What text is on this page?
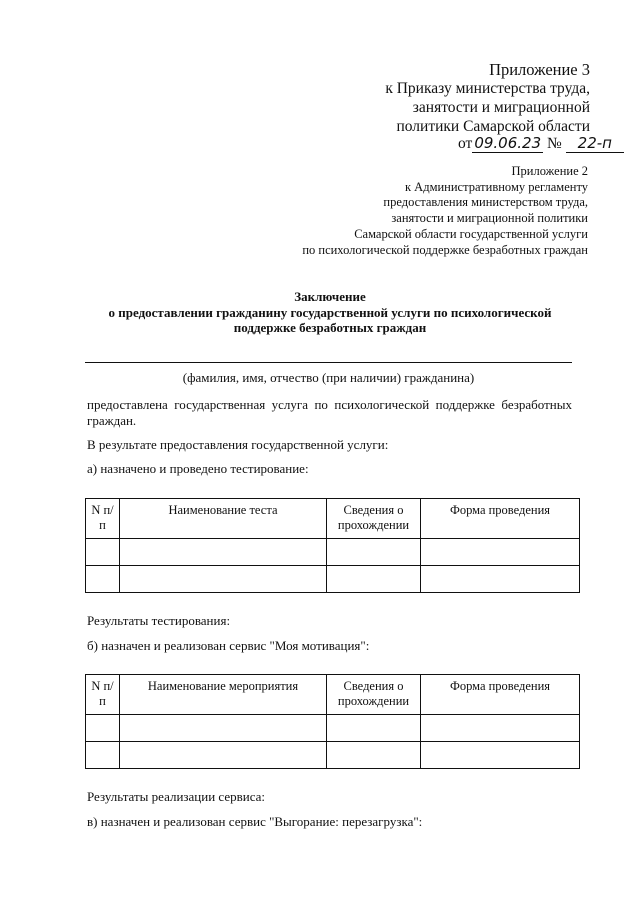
Приложение 3
к Приказу министерства труда,
занятости и миграционной
политики Самарской области
от 09.06.23 № 22-п
Приложение 2
к Административному регламенту
предоставления министерством труда,
занятости и миграционной политики
Самарской области государственной услуги
по психологической поддержке безработных граждан
Заключение
о предоставлении гражданину государственной услуги по психологической
поддержке безработных граждан
(фамилия, имя, отчество (при наличии) гражданина)
предоставлена государственная услуга по психологической поддержке безработных граждан.
В результате предоставления государственной услуги:
а) назначено и проведено тестирование:
N п/п	Наименование теста	Сведения о прохождении	Форма проведения

Результаты тестирования:
б) назначен и реализован сервис "Моя мотивация":
N п/п	Наименование мероприятия	Сведения о прохождении	Форма проведения

Результаты реализации сервиса:
в) назначен и реализован сервис "Выгорание: перезагрузка":
